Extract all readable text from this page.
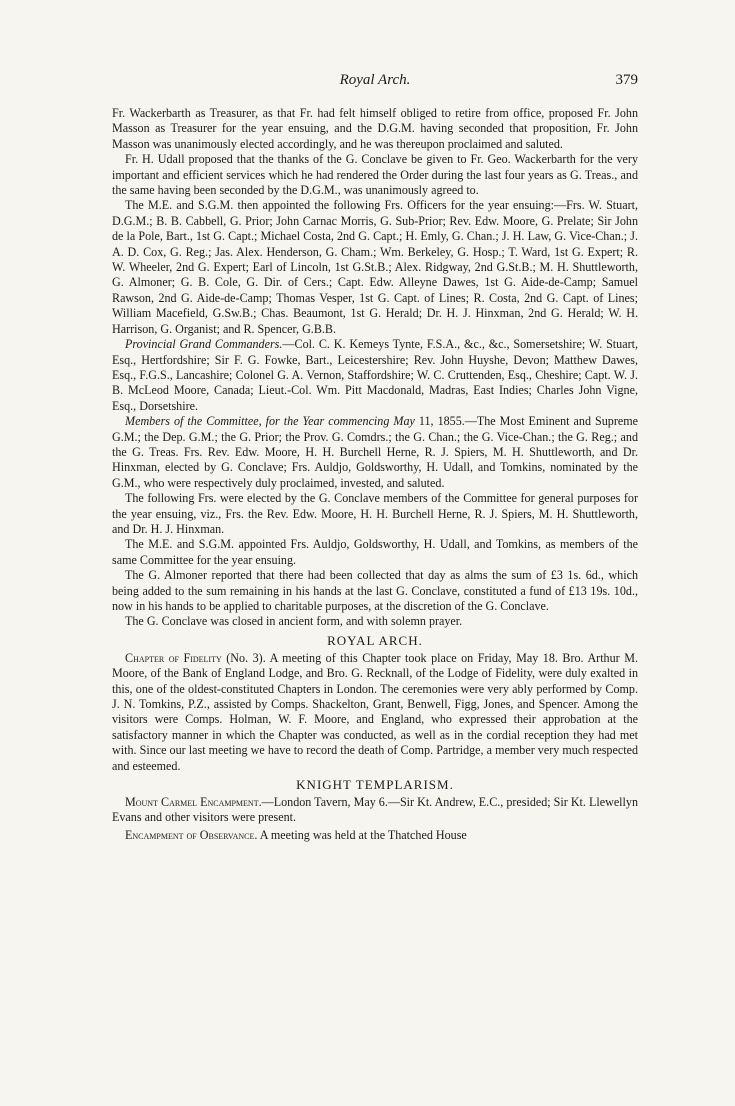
Royal Arch.	379

Fr. Wackerbarth as Treasurer, as that Fr. had felt himself obliged to retire from office, proposed Fr. John Masson as Treasurer for the year ensuing, and the D.G.M. having seconded that proposition, Fr. John Masson was unanimously elected accordingly, and he was thereupon proclaimed and saluted.

Fr. H. Udall proposed that the thanks of the G. Conclave be given to Fr. Geo. Wackerbarth for the very important and efficient services which he had rendered the Order during the last four years as G. Treas., and the same having been seconded by the D.G.M., was unanimously agreed to.

The M.E. and S.G.M. then appointed the following Frs. Officers for the year ensuing:—Frs. W. Stuart, D.G.M.; B. B. Cabbell, G. Prior; John Carnac Morris, G. Sub-Prior; Rev. Edw. Moore, G. Prelate; Sir John de la Pole, Bart., 1st G. Capt.; Michael Costa, 2nd G. Capt.; H. Emly, G. Chan.; J. H. Law, G. Vice-Chan.; J. A. D. Cox, G. Reg.; Jas. Alex. Henderson, G. Cham.; Wm. Berkeley, G. Hosp.; T. Ward, 1st G. Expert; R. W. Wheeler, 2nd G. Expert; Earl of Lincoln, 1st G.St.B.; Alex. Ridgway, 2nd G.St.B.; M. H. Shuttleworth, G. Almoner; G. B. Cole, G. Dir. of Cers.; Capt. Edw. Alleyne Dawes, 1st G. Aide-de-Camp; Samuel Rawson, 2nd G. Aide-de-Camp; Thomas Vesper, 1st G. Capt. of Lines; R. Costa, 2nd G. Capt. of Lines; William Macefield, G.Sw.B.; Chas. Beaumont, 1st G. Herald; Dr. H. J. Hinxman, 2nd G. Herald; W. H. Harrison, G. Organist; and R. Spencer, G.B.B.

Provincial Grand Commanders.—Col. C. K. Kemeys Tynte, F.S.A., &c., &c., Somersetshire; W. Stuart, Esq., Hertfordshire; Sir F. G. Fowke, Bart., Leicestershire; Rev. John Huyshe, Devon; Matthew Dawes, Esq., F.G.S., Lancashire; Colonel G. A. Vernon, Staffordshire; W. C. Cruttenden, Esq., Cheshire; Capt. W. J. B. McLeod Moore, Canada; Lieut.-Col. Wm. Pitt Macdonald, Madras, East Indies; Charles John Vigne, Esq., Dorsetshire.

Members of the Committee, for the Year commencing May 11, 1855.—The Most Eminent and Supreme G.M.; the Dep. G.M.; the G. Prior; the Prov. G. Comdrs.; the G. Chan.; the G. Vice-Chan.; the G. Reg.; and the G. Treas. Frs. Rev. Edw. Moore, H. H. Burchell Herne, R. J. Spiers, M. H. Shuttleworth, and Dr. Hinxman, elected by G. Conclave; Frs. Auldjo, Goldsworthy, H. Udall, and Tomkins, nominated by the G.M., who were respectively duly proclaimed, invested, and saluted.

The following Frs. were elected by the G. Conclave members of the Committee for general purposes for the year ensuing, viz., Frs. the Rev. Edw. Moore, H. H. Burchell Herne, R. J. Spiers, M. H. Shuttleworth, and Dr. H. J. Hinxman.

The M.E. and S.G.M. appointed Frs. Auldjo, Goldsworthy, H. Udall, and Tomkins, as members of the same Committee for the year ensuing.

The G. Almoner reported that there had been collected that day as alms the sum of £3 1s. 6d., which being added to the sum remaining in his hands at the last G. Conclave, constituted a fund of £13 19s. 10d., now in his hands to be applied to charitable purposes, at the discretion of the G. Conclave.

The G. Conclave was closed in ancient form, and with solemn prayer.

ROYAL ARCH.

Chapter of Fidelity (No. 3). A meeting of this Chapter took place on Friday, May 18. Bro. Arthur M. Moore, of the Bank of England Lodge, and Bro. G. Recknall, of the Lodge of Fidelity, were duly exalted in this, one of the oldest-constituted Chapters in London. The ceremonies were very ably performed by Comp. J. N. Tomkins, P.Z., assisted by Comps. Shackelton, Grant, Benwell, Figg, Jones, and Spencer. Among the visitors were Comps. Holman, W. F. Moore, and England, who expressed their approbation at the satisfactory manner in which the Chapter was conducted, as well as in the cordial reception they had met with. Since our last meeting we have to record the death of Comp. Partridge, a member very much respected and esteemed.

KNIGHT TEMPLARISM.

Mount Carmel Encampment.—London Tavern, May 6.—Sir Kt. Andrew, E.C., presided; Sir Kt. Llewellyn Evans and other visitors were present.

Encampment of Observance. A meeting was held at the Thatched House
